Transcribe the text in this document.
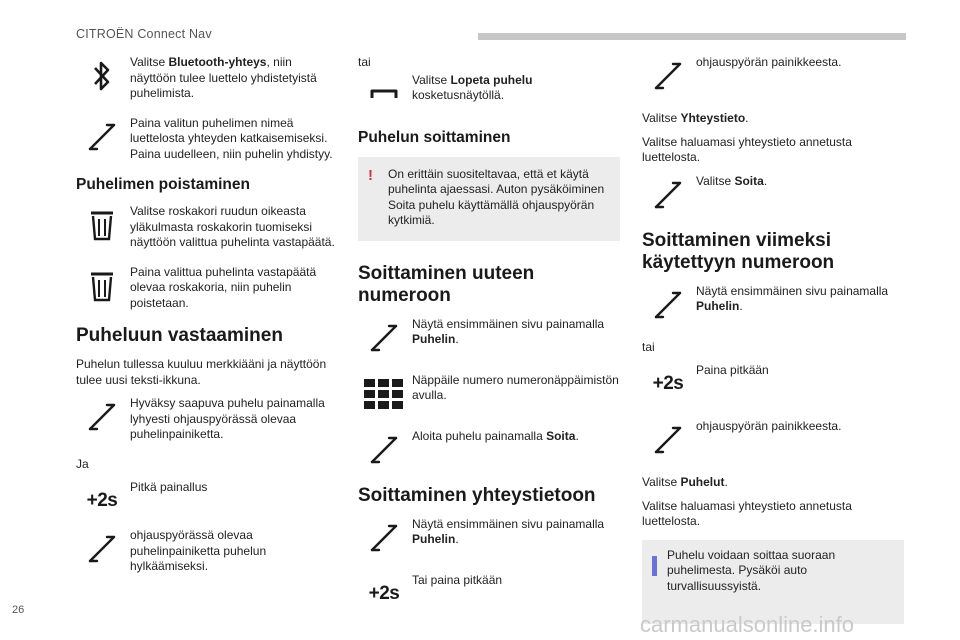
CITROËN Connect Nav
Valitse Bluetooth-yhteys, niin näyttöön tulee luettelo yhdistetyistä puhelimista.
Paina valitun puhelimen nimeä luettelosta yhteyden katkaisemiseksi. Paina uudelleen, niin puhelin yhdistyy.
Puhelimen poistaminen
Valitse roskakori ruudun oikeasta yläkulmasta roskakorin tuomiseksi näyttöön valittua puhelinta vastapäätä.
Paina valittua puhelinta vastapäätä olevaa roskakoria, niin puhelin poistetaan.
Puheluun vastaaminen

Puhelun tullessa kuuluu merkkiääni ja näyttöön tulee uusi teksti-ikkuna.

Hyväksy saapuva puhelu painamalla lyhyesti ohjauspyörässä olevaa puhelinpainiketta.

Ja

+2s
Pitkä painallus
ohjauspyörässä olevaa puhelinpainiketta puhelun hylkäämiseksi.

tai

Valitse Lopeta puhelu kosketusnäytöllä.
Puhelun soittaminen
!	On erittäin suositeltavaa, että et käytä puhelinta ajaessasi. Auton pysäköiminen Soita puhelu käyttämällä ohjauspyörän kytkimiä.
Soittaminen uuteen numeroon
Näytä ensimmäinen sivu painamalla Puhelin.
Näppäile numero numeronäppäimistön avulla.
Aloita puhelu painamalla Soita.
Soittaminen yhteystietoon
Näytä ensimmäinen sivu painamalla Puhelin.
+2s
Tai paina pitkään
ohjauspyörän painikkeesta.

Valitse Yhteystieto.

Valitse haluamasi yhteystieto annetusta luettelosta.

Valitse Soita.
Soittaminen viimeksi käytettyyn numeroon
Näytä ensimmäinen sivu painamalla Puhelin.

tai

+2s
Paina pitkään
ohjauspyörän painikkeesta.

Valitse Puhelut.

Valitse haluamasi yhteystieto annetusta luettelosta.

Puhelu voidaan soittaa suoraan puhelimesta. Pysäköi auto turvallisuussyistä.
26
carmanualsonline.info
